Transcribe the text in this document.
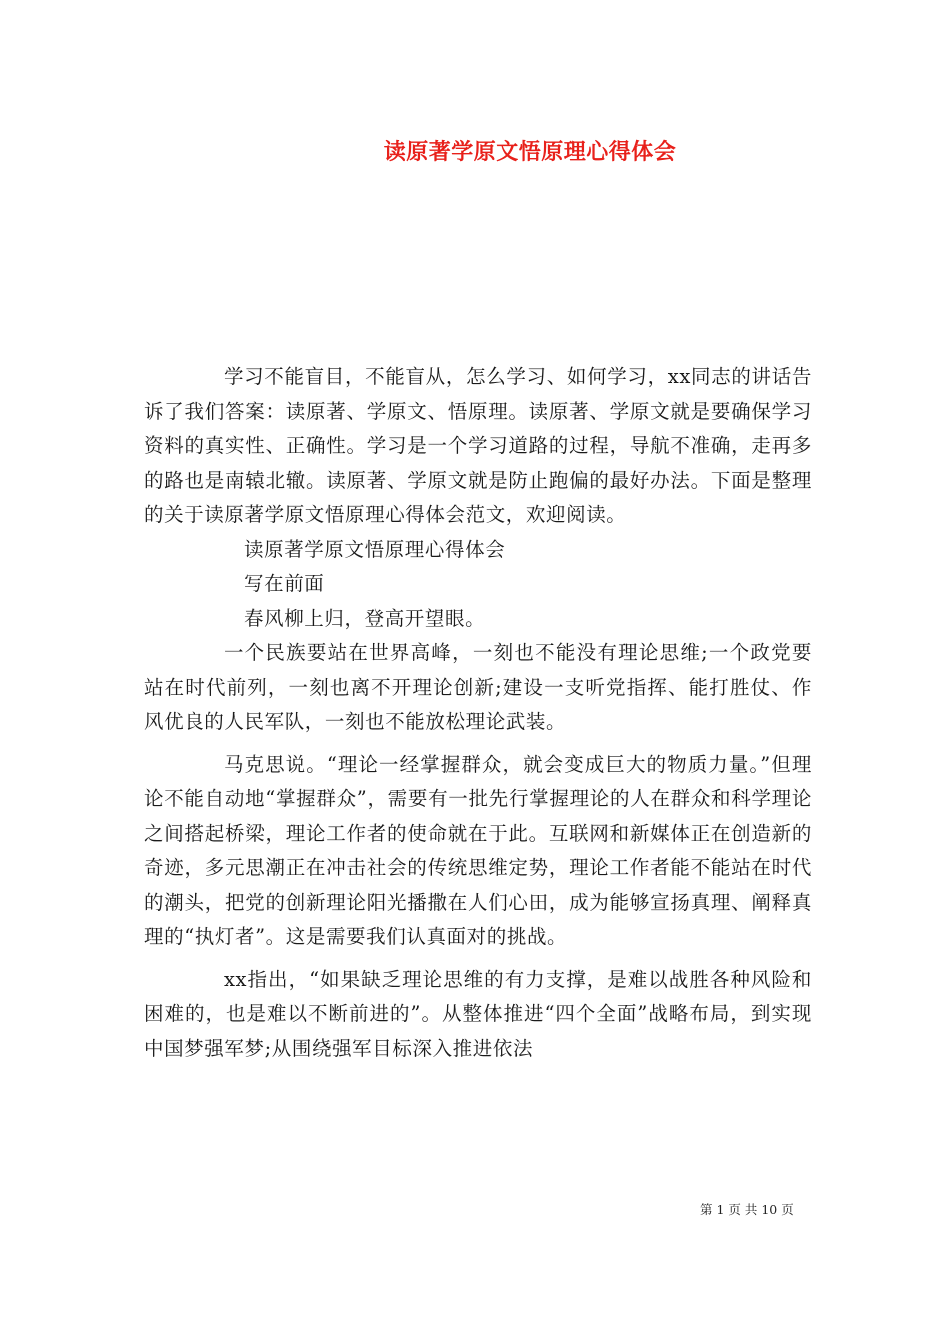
读原著学原文悟原理心得体会

学习不能盲目，不能盲从，怎么学习、如何学习，xx同志的讲话告诉了我们答案：读原著、学原文、悟原理。读原著、学原文就是要确保学习资料的真实性、正确性。学习是一个学习道路的过程，导航不准确，走再多的路也是南辕北辙。读原著、学原文就是防止跑偏的最好办法。下面是整理的关于读原著学原文悟原理心得体会范文，欢迎阅读。

读原著学原文悟原理心得体会

写在前面

春风柳上归，登高开望眼。

一个民族要站在世界高峰，一刻也不能没有理论思维;一个政党要站在时代前列，一刻也离不开理论创新;建设一支听党指挥、能打胜仗、作风优良的人民军队，一刻也不能放松理论武装。

马克思说。“理论一经掌握群众，就会变成巨大的物质力量。”但理论不能自动地“掌握群众”，需要有一批先行掌握理论的人在群众和科学理论之间搭起桥梁，理论工作者的使命就在于此。互联网和新媒体正在创造新的奇迹，多元思潮正在冲击社会的传统思维定势，理论工作者能不能站在时代的潮头，把党的创新理论阳光播撒在人们心田，成为能够宣扬真理、阐释真理的“执灯者”。这是需要我们认真面对的挑战。

xx指出，“如果缺乏理论思维的有力支撑，是难以战胜各种风险和困难的，也是难以不断前进的”。从整体推进“四个全面”战略布局，到实现中国梦强军梦;从围绕强军目标深入推进依法

第 1 页 共 10 页
